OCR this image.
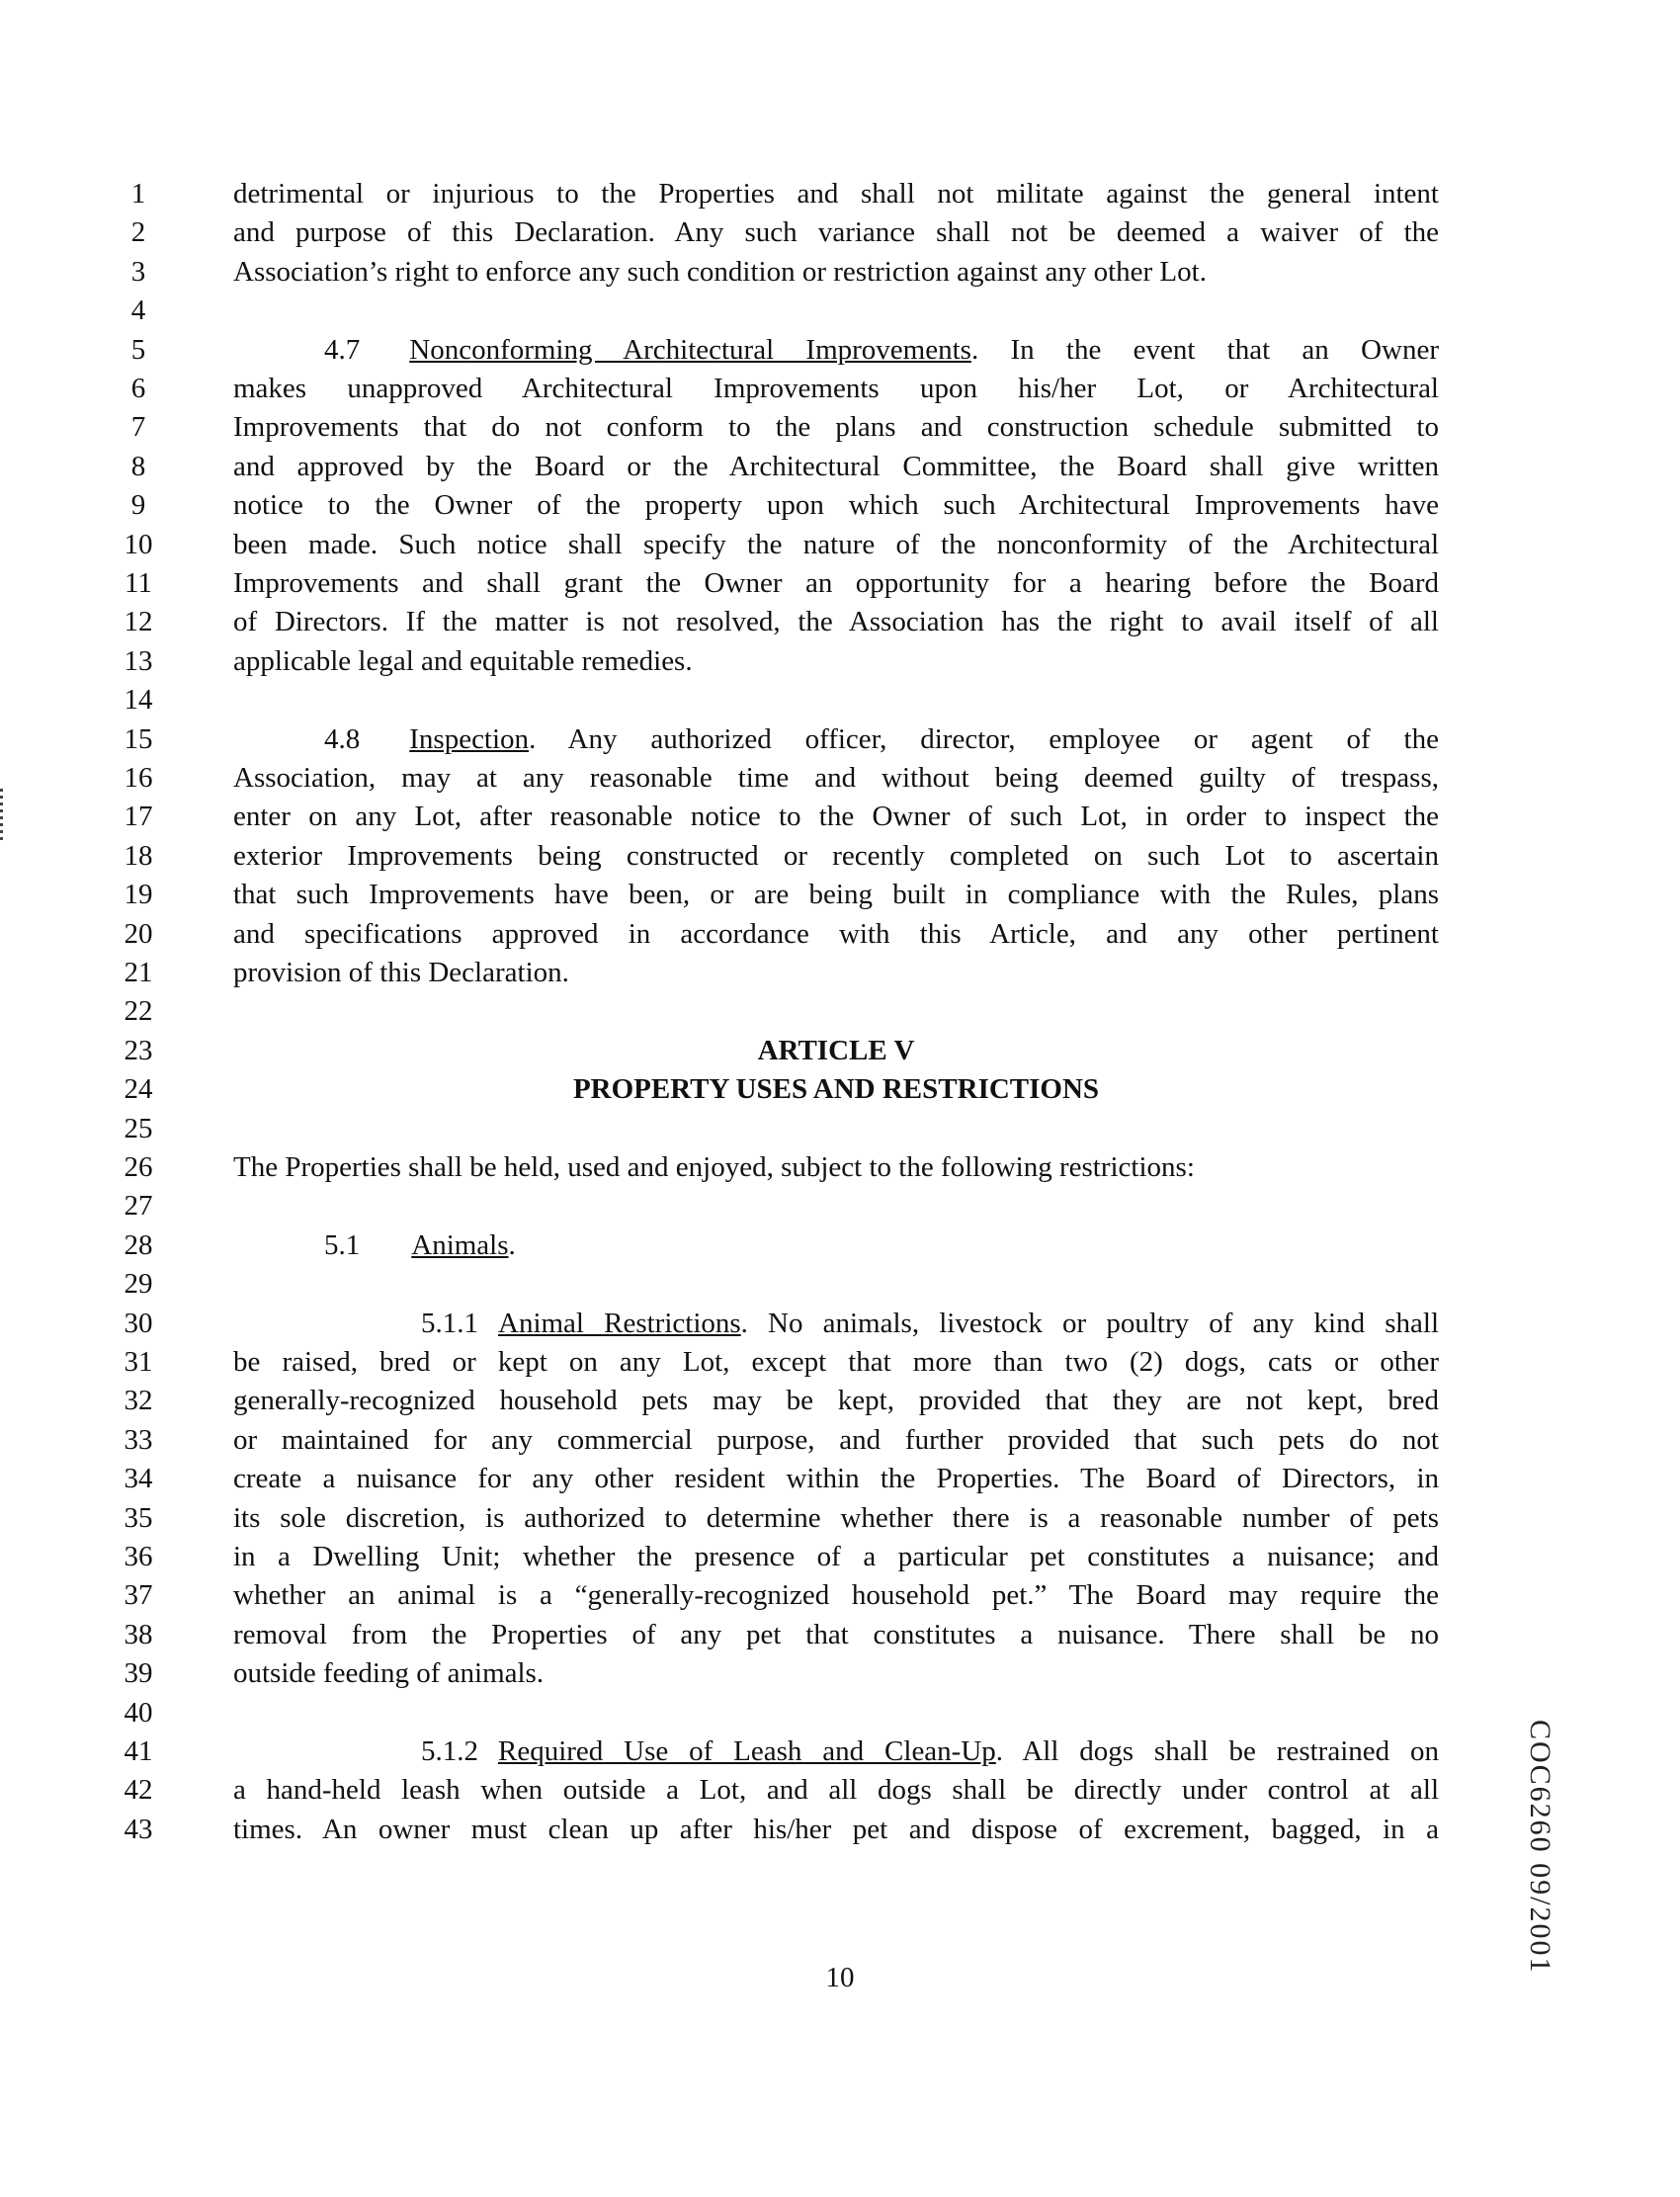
1	detrimental or injurious to the Properties and shall not militate against the general intent
2	and purpose of this Declaration. Any such variance shall not be deemed a waiver of the
3	Association’s right to enforce any such condition or restriction against any other Lot.
4
5	4.7 Nonconforming Architectural Improvements. In the event that an Owner
6	makes unapproved Architectural Improvements upon his/her Lot, or Architectural
7	Improvements that do not conform to the plans and construction schedule submitted to
8	and approved by the Board or the Architectural Committee, the Board shall give written
9	notice to the Owner of the property upon which such Architectural Improvements have
10	been made. Such notice shall specify the nature of the nonconformity of the Architectural
11	Improvements and shall grant the Owner an opportunity for a hearing before the Board
12	of Directors. If the matter is not resolved, the Association has the right to avail itself of all
13	applicable legal and equitable remedies.
14
15	4.8 Inspection. Any authorized officer, director, employee or agent of the
16	Association, may at any reasonable time and without being deemed guilty of trespass,
17	enter on any Lot, after reasonable notice to the Owner of such Lot, in order to inspect the
18	exterior Improvements being constructed or recently completed on such Lot to ascertain
19	that such Improvements have been, or are being built in compliance with the Rules, plans
20	and specifications approved in accordance with this Article, and any other pertinent
21	provision of this Declaration.
22
23	ARTICLE V
24	PROPERTY USES AND RESTRICTIONS
25
26	The Properties shall be held, used and enjoyed, subject to the following restrictions:
27
28	5.1 Animals.
29
30	5.1.1 Animal Restrictions. No animals, livestock or poultry of any kind shall
31	be raised, bred or kept on any Lot, except that more than two (2) dogs, cats or other
32	generally-recognized household pets may be kept, provided that they are not kept, bred
33	or maintained for any commercial purpose, and further provided that such pets do not
34	create a nuisance for any other resident within the Properties. The Board of Directors, in
35	its sole discretion, is authorized to determine whether there is a reasonable number of pets
36	in a Dwelling Unit; whether the presence of a particular pet constitutes a nuisance; and
37	whether an animal is a “generally-recognized household pet.” The Board may require the
38	removal from the Properties of any pet that constitutes a nuisance. There shall be no
39	outside feeding of animals.
40
41	5.1.2 Required Use of Leash and Clean-Up. All dogs shall be restrained on
42	a hand-held leash when outside a Lot, and all dogs shall be directly under control at all
43	times. An owner must clean up after his/her pet and dispose of excrement, bagged, in a
10
COC6260 09/2001
